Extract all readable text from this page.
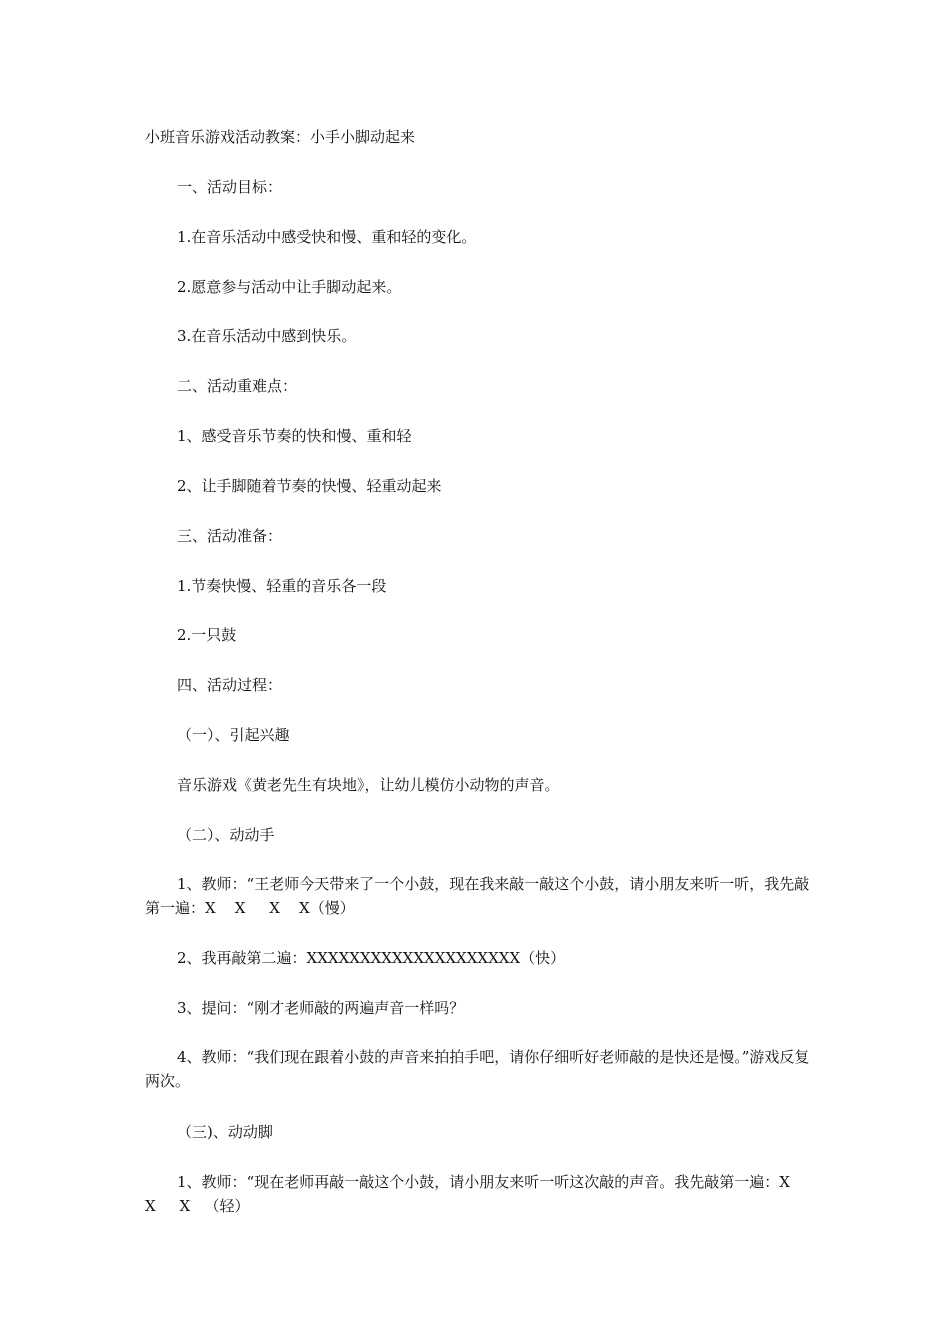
小班音乐游戏活动教案：小手小脚动起来

一、活动目标：

1.在音乐活动中感受快和慢、重和轻的变化。

2.愿意参与活动中让手脚动起来。

3.在音乐活动中感到快乐。

二、活动重难点：

1、感受音乐节奏的快和慢、重和轻

2、让手脚随着节奏的快慢、轻重动起来

三、活动准备：

1.节奏快慢、轻重的音乐各一段

2.一只鼓

四、活动过程：

（一）、引起兴趣

音乐游戏《黄老先生有块地》，让幼儿模仿小动物的声音。

（二）、动动手

1、教师：“王老师今天带来了一个小鼓，现在我来敲一敲这个小鼓，请小朋友来听一听，我先敲第一遍：X    X     X    X（慢）

2、我再敲第二遍：XXXXXXXXXXXXXXXXXXXX（快）

3、提问：“刚才老师敲的两遍声音一样吗？

4、教师：“我们现在跟着小鼓的声音来拍拍手吧，请你仔细听好老师敲的是快还是慢。”游戏反复两次。

（三)、动动脚

1、教师：“现在老师再敲一敲这个小鼓，请小朋友来听一听这次敲的声音。我先敲第一遍：X    X     X   （轻）
